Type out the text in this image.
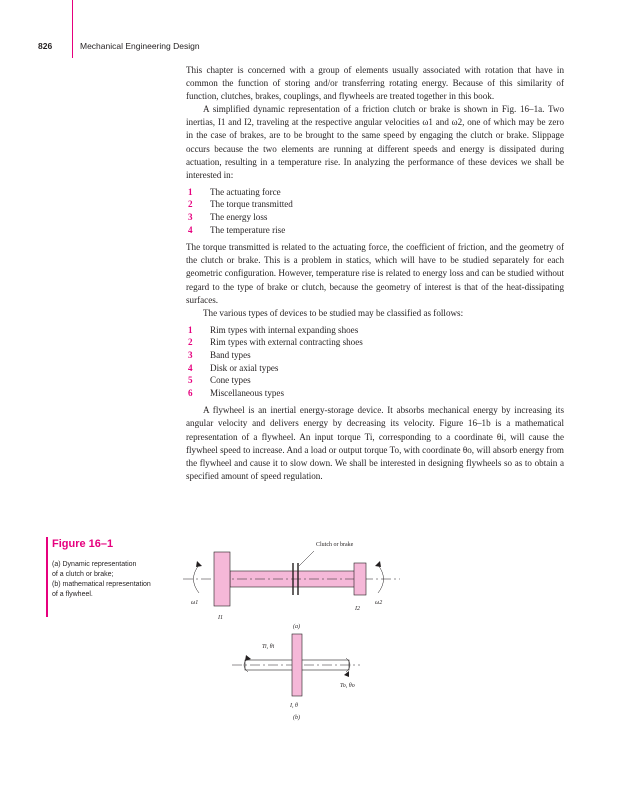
826	Mechanical Engineering Design

This chapter is concerned with a group of elements usually associated with rotation that have in common the function of storing and/or transferring rotating energy. Because of this similarity of function, clutches, brakes, couplings, and flywheels are treated together in this book.

A simplified dynamic representation of a friction clutch or brake is shown in Fig. 16–1a. Two inertias, I1 and I2, traveling at the respective angular velocities ω1 and ω2, one of which may be zero in the case of brakes, are to be brought to the same speed by engaging the clutch or brake. Slippage occurs because the two elements are running at different speeds and energy is dissipated during actuation, resulting in a temperature rise. In analyzing the performance of these devices we shall be interested in:

1	The actuating force
2	The torque transmitted
3	The energy loss
4	The temperature rise

The torque transmitted is related to the actuating force, the coefficient of friction, and the geometry of the clutch or brake. This is a problem in statics, which will have to be studied separately for each geometric configuration. However, temperature rise is related to energy loss and can be studied without regard to the type of brake or clutch, because the geometry of interest is that of the heat-dissipating surfaces.

The various types of devices to be studied may be classified as follows:

1	Rim types with internal expanding shoes
2	Rim types with external contracting shoes
3	Band types
4	Disk or axial types
5	Cone types
6	Miscellaneous types

A flywheel is an inertial energy-storage device. It absorbs mechanical energy by increasing its angular velocity and delivers energy by decreasing its velocity. Figure 16–1b is a mathematical representation of a flywheel. An input torque Ti, corresponding to a coordinate θi, will cause the flywheel speed to increase. And a load or output torque To, with coordinate θo, will absorb energy from the flywheel and cause it to slow down. We shall be interested in designing flywheels so as to obtain a specified amount of speed regulation.

Figure 16–1
(a) Dynamic representation
of a clutch or brake;
(b) mathematical representation
of a flywheel.
Clutch or brake
ω1	ω2
I1
I2
(a)
Ti, θi
To, θo
I, θ
(b)
